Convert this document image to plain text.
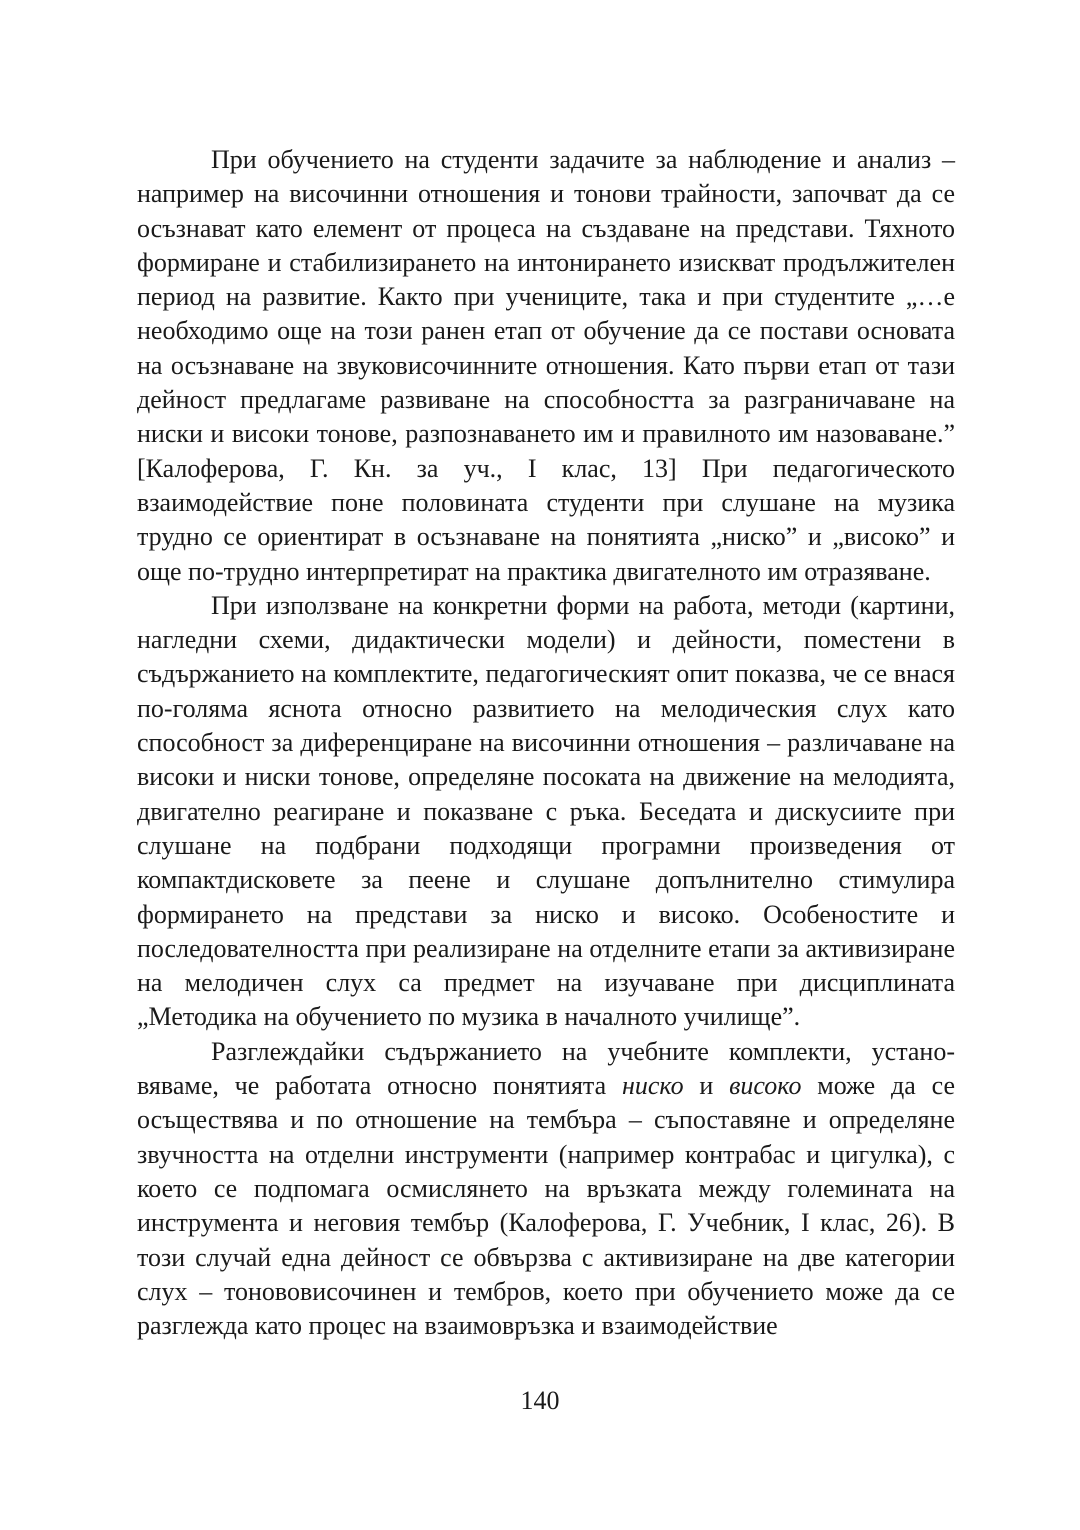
При обучението на студенти задачите за наблюдение и анализ – например на височинни отношения и тонови трайности, започват да се осъзнават като елемент от процеса на създаване на представи. Тяхното формиране и стабилизирането на интонирането изискват продължителен период на развитие. Както при учениците, така и при студентите „…е необходимо още на този ранен етап от обучение да се постави основата на осъзнаване на звуковисочинните отношения. Като първи етап от тази дейност предлагаме развиване на способността за разграничаване на ниски и високи тонове, разпознаването им и правилното им назоваване.” [Калоферова, Г. Кн. за уч., I клас, 13] При педагогическото взаимодействие поне половината студенти при слушане на музика трудно се ориентират в осъзнаване на понятията „ниско” и „високо” и още по-трудно интерпретират на практика двигателното им отразяване.

При използване на конкретни форми на работа, методи (картини, нагледни схеми, дидактически модели) и дейности, поместени в съдържанието на комплектите, педагогическият опит показва, че се внася по-голяма яснота относно развитието на мелодическия слух като способност за диференциране на височинни отношения – различаване на високи и ниски тонове, определяне посоката на движение на мелодията, двигателно реагиране и показване с ръка. Беседата и дискусиите при слушане на подбрани подходящи програмни произведения от компактдисковете за пеене и слушане допълнително стимулира формирането на представи за ниско и високо. Особеностите и последователността при реализиране на отделните етапи за активизиране на мелодичен слух са предмет на изучаване при дисциплината „Методика на обучението по музика в началното училище”.

Разглеждайки съдържанието на учебните комплекти, установяваме, че работата относно понятията ниско и високо може да се осъществява и по отношение на тембъра – съпоставяне и определяне звучността на отделни инструменти (например контрабас и цигулка), с което се подпомага осмислянето на връзката между големината на инструмента и неговия тембър (Калоферова, Г. Учебник, I клас, 26). В този случай една дейност се обвързва с активизиране на две категории слух – тонововисочинен и тембров, което при обучението може да се разглежда като процес на взаимовръзка и взаимодействие

140
